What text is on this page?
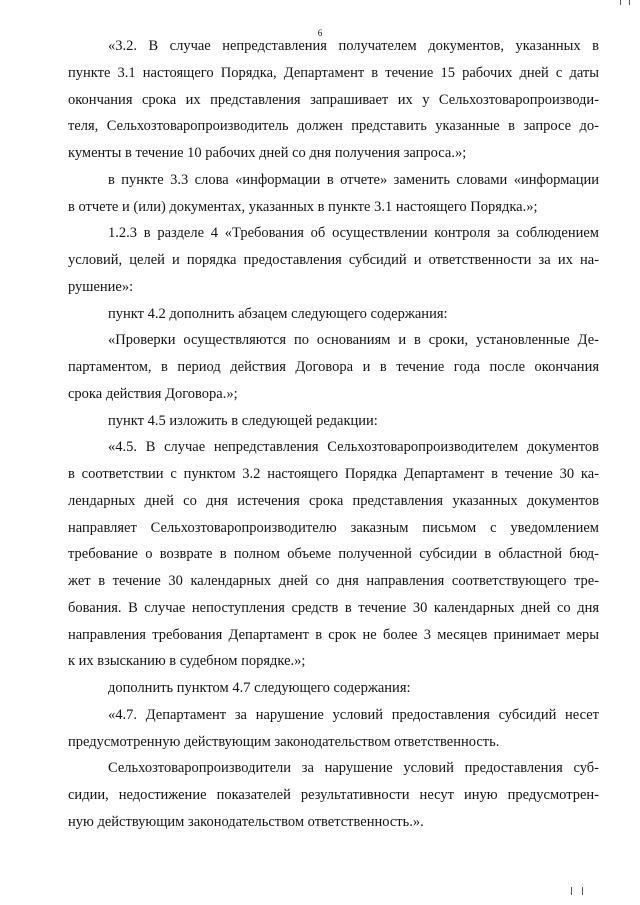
6
«3.2. В случае непредставления получателем документов, указанных в
пункте 3.1 настоящего Порядка, Департамент в течение 15 рабочих дней с даты
окончания срока их представления запрашивает их у Сельхозтоваропроизводи-
теля, Сельхозтоваропроизводитель должен представить указанные в запросе до-
кументы в течение 10 рабочих дней со дня получения запроса.»;
в пункте 3.3 слова «информации в отчете» заменить словами «информации
в отчете и (или) документах, указанных в пункте 3.1 настоящего Порядка.»;
1.2.3 в разделе 4 «Требования об осуществлении контроля за соблюдением
условий, целей и порядка предоставления субсидий и ответственности за их на-
рушение»:
пункт 4.2 дополнить абзацем следующего содержания:
«Проверки осуществляются по основаниям и в сроки, установленные Де-
партаментом, в период действия Договора и в течение года после окончания
срока действия Договора.»;
пункт 4.5 изложить в следующей редакции:
«4.5. В случае непредставления Сельхозтоваропроизводителем документов
в соответствии с пунктом 3.2 настоящего Порядка Департамент в течение 30 ка-
лендарных дней со дня истечения срока представления указанных документов
направляет Сельхозтоваропроизводителю заказным письмом с уведомлением
требование о возврате в полном объеме полученной субсидии в областной бюд-
жет в течение 30 календарных дней со дня направления соответствующего тре-
бования. В случае непоступления средств в течение 30 календарных дней со дня
направления требования Департамент в срок не более 3 месяцев принимает меры
к их взысканию в судебном порядке.»;
дополнить пунктом 4.7 следующего содержания:
«4.7. Департамент за нарушение условий предоставления субсидий несет
предусмотренную действующим законодательством ответственность.
Сельхозтоваропроизводители за нарушение условий предоставления суб-
сидии, недостижение показателей результативности несут иную предусмотрен-
ную действующим законодательством ответственность.».
